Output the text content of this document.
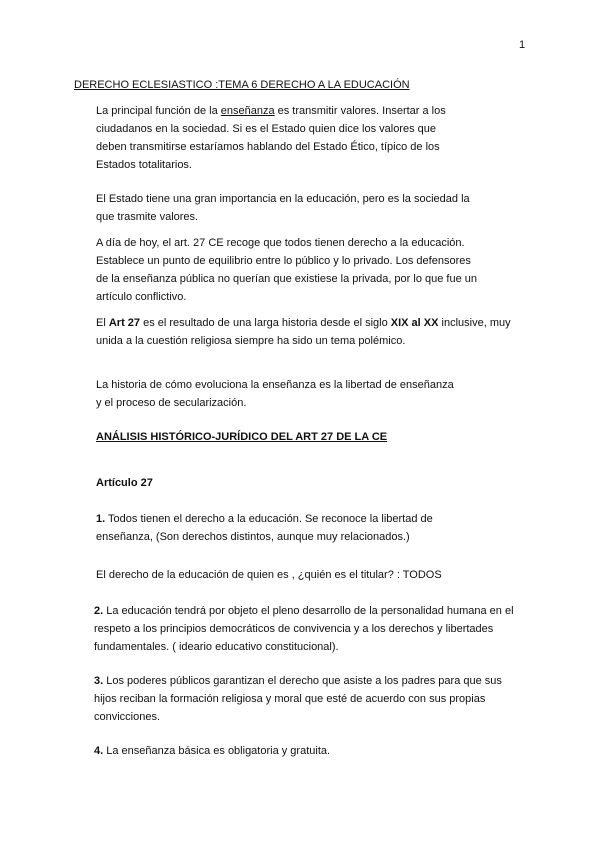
1
DERECHO ECLESIASTICO :TEMA 6 DERECHO A LA EDUCACIÓN

La principal función de la enseñanza es transmitir valores. Insertar a los ciudadanos en la sociedad. Si es el Estado quien dice los valores que deben transmitirse estaríamos hablando del Estado Ético, típico de los Estados totalitarios.

El Estado tiene una gran importancia en la educación, pero es la sociedad la que trasmite valores.

A día de hoy, el art. 27 CE recoge que todos tienen derecho a la educación. Establece un punto de equilibrio entre lo público y lo privado. Los defensores de la enseñanza pública no querían que existiese la privada, por lo que fue un artículo conflictivo.

El Art 27 es el resultado de una larga historia desde el siglo XIX al XX inclusive, muy unida a la cuestión religiosa siempre ha sido un tema polémico.

La historia de cómo evoluciona la enseñanza es la libertad de enseñanza y el proceso de secularización.

ANÁLISIS HISTÓRICO-JURÍDICO DEL ART 27 DE LA CE
Artículo 27

1. Todos tienen el derecho a la educación. Se reconoce la libertad de enseñanza, (Son derechos distintos, aunque muy relacionados.)

El derecho de la educación de quien es , ¿quién es el titular? : TODOS

2. La educación tendrá por objeto el pleno desarrollo de la personalidad humana en el respeto a los principios democráticos de convivencia y a los derechos y libertades fundamentales. ( ideario educativo constitucional).

3. Los poderes públicos garantizan el derecho que asiste a los padres para que sus hijos reciban la formación religiosa y moral que esté de acuerdo con sus propias convicciones.

4. La enseñanza básica es obligatoria y gratuita.
